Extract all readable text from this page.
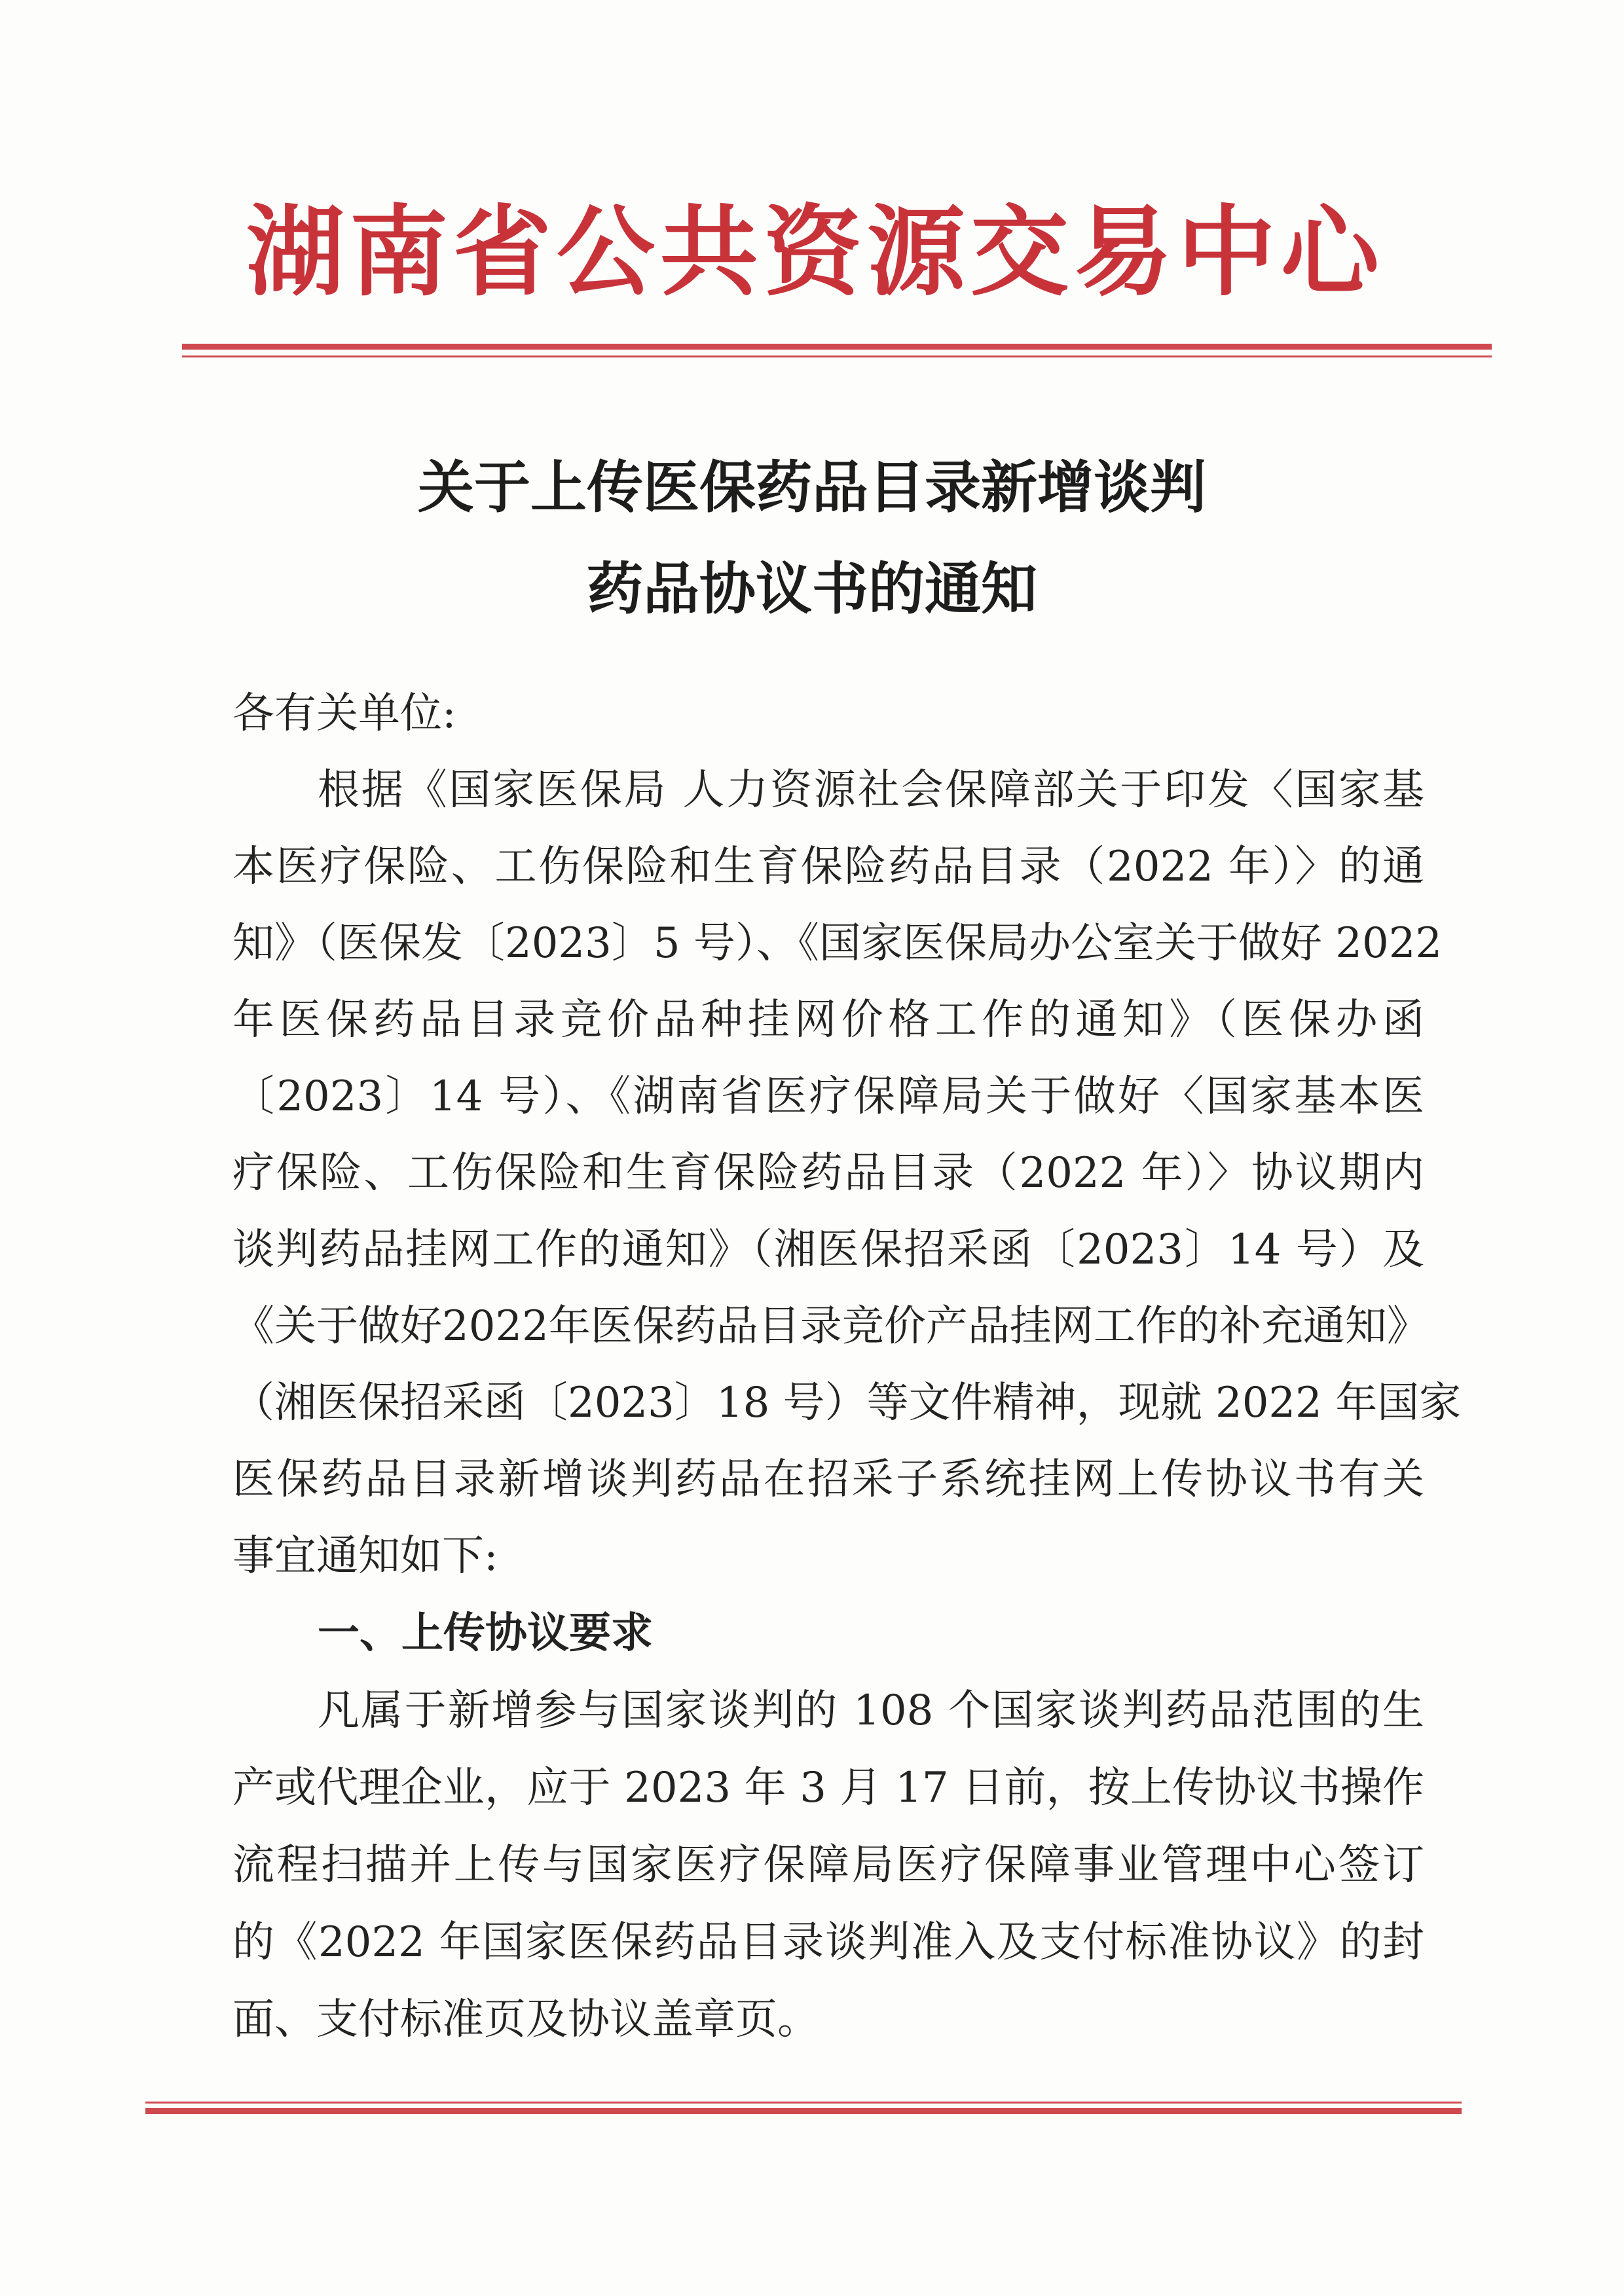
湖南省公共资源交易中心
关于上传医保药品目录新增谈判
药品协议书的通知
各有关单位:
根据《国家医保局 人力资源社会保障部关于印发〈国家基
本医疗保险、工伤保险和生育保险药品目录（2022 年）〉的通
知》（医保发〔2023〕5 号）、《国家医保局办公室关于做好 2022
年医保药品目录竞价品种挂网价格工作的通知》（医保办函
〔2023〕14 号）、《湖南省医疗保障局关于做好〈国家基本医
疗保险、工伤保险和生育保险药品目录（2022 年）〉协议期内
谈判药品挂网工作的通知》（湘医保招采函〔2023〕14 号）及
《关于做好2022年医保药品目录竞价产品挂网工作的补充通知》
（湘医保招采函〔2023〕18 号）等文件精神，现就 2022 年国家
医保药品目录新增谈判药品在招采子系统挂网上传协议书有关
事宜通知如下:
一、上传协议要求
凡属于新增参与国家谈判的 108 个国家谈判药品范围的生
产或代理企业，应于 2023 年 3 月 17 日前，按上传协议书操作
流程扫描并上传与国家医疗保障局医疗保障事业管理中心签订
的《2022 年国家医保药品目录谈判准入及支付标准协议》的封
面、支付标准页及协议盖章页。
